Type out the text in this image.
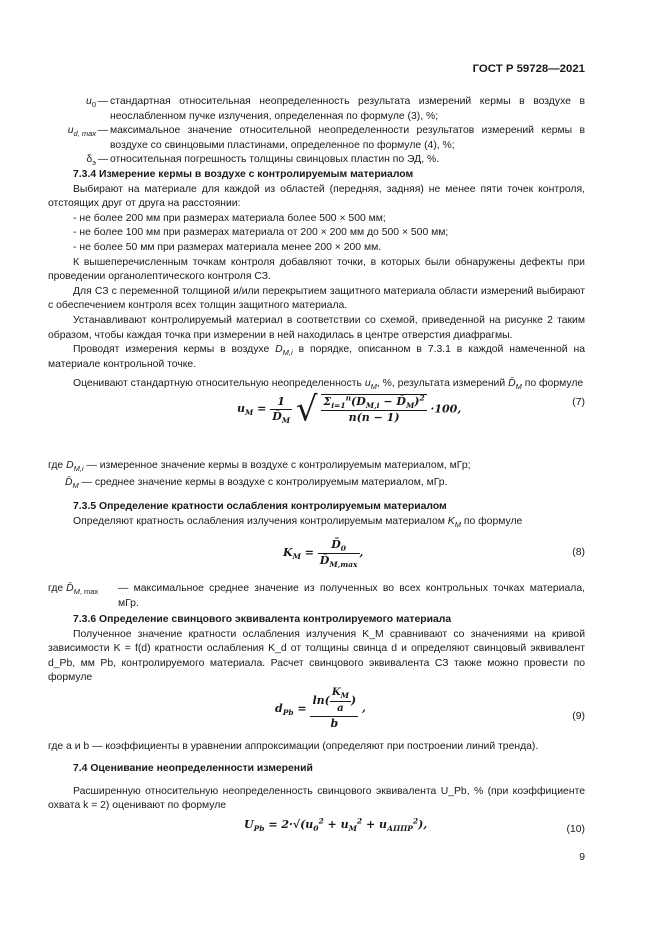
ГОСТ Р 59728—2021
$u_0$ — стандартная относительная неопределенность результата измерений кермы в воздухе в неослабленном пучке излучения, определенная по формуле (3), %;
$u_{d, max}$ — максимальное значение относительной неопределенности результатов измерений кермы в воздухе со свинцовыми пластинами, определенное по формуле (4), %;
$\delta_э$ — относительная погрешность толщины свинцовых пластин по ЭД, %.

7.3.4 Измерение кермы в воздухе с контролируемым материалом

Выбирают на материале для каждой из областей (передняя, задняя) не менее пяти точек контроля, отстоящих друг от друга на расстоянии:

- не более 200 мм при размерах материала более 500 × 500 мм;

- не более 100 мм при размерах материала от 200 × 200 мм до 500 × 500 мм;

- не более 50 мм при размерах материала менее 200 × 200 мм.

К вышеперечисленным точкам контроля добавляют точки, в которых были обнаружены дефекты при проведении органолептического контроля СЗ.

Для СЗ с переменной толщиной и/или перекрытием защитного материала области измерений выбирают с обеспечением контроля всех толщин защитного материала.

Устанавливают контролируемый материал в соответствии со схемой, приведенной на рисунке 2 таким образом, чтобы каждая точка при измерении в ней находилась в центре отверстия диафрагмы.

Проводят измерения кермы в воздухе $D_{M,i}$ в порядке, описанном в 7.3.1 в каждой намеченной на материале контрольной точке.

Оценивают стандартную относительную неопределенность $u_M$, %, результата измерений $D̄_M$ по формуле

$u_M = \frac{1}{D̄_M}$ √ $\frac{\Sigma_{i=1}^n(D_{M,i} - D̄_M)^2}{n(n - 1)} \cdot 100$,	(7)

где $D_{M,i}$ — измеренное значение кермы в воздухе с контролируемым материалом, мГр;

$D̄_M$ — среднее значение кермы в воздухе с контролируемым материалом, мГр.

7.3.5 Определение кратности ослабления контролируемым материалом

Определяют кратность ослабления излучения контролируемым материалом $K_M$ по формуле

$K_M = \frac{D̄_0}{D̄_{M,max}}$ ,	(8)
где $D̄_{M, max}$	— максимальное среднее значение из полученных во всех контрольных точках материала, мГр.

7.3.6 Определение свинцового эквивалента контролируемого материала

Полученное значение кратности ослабления излучения K_M сравнивают со значениями на кривой зависимости K = f(d) кратности ослабления K_d от толщины свинца d и определяют свинцовый эквивалент d_Pb, мм Pb, контролируемого материала. Расчет свинцового эквивалента СЗ также можно провести по формуле

$d_{Pb} = \frac{\ln( \frac{K_M}{a} )}{b}$ ,
(9)

где a и b — коэффициенты в уравнении аппроксимации (определяют при построении линий тренда).

7.4 Оценивание неопределенности измерений

Расширенную относительную неопределенность свинцового эквивалента U_Pb, % (при коэффициенте охвата k = 2) оценивают по формуле

$U_{Pb} = 2\cdot√(u_0^2 + u_M^2 + u_{АППР}^2)$,	(10)
9
